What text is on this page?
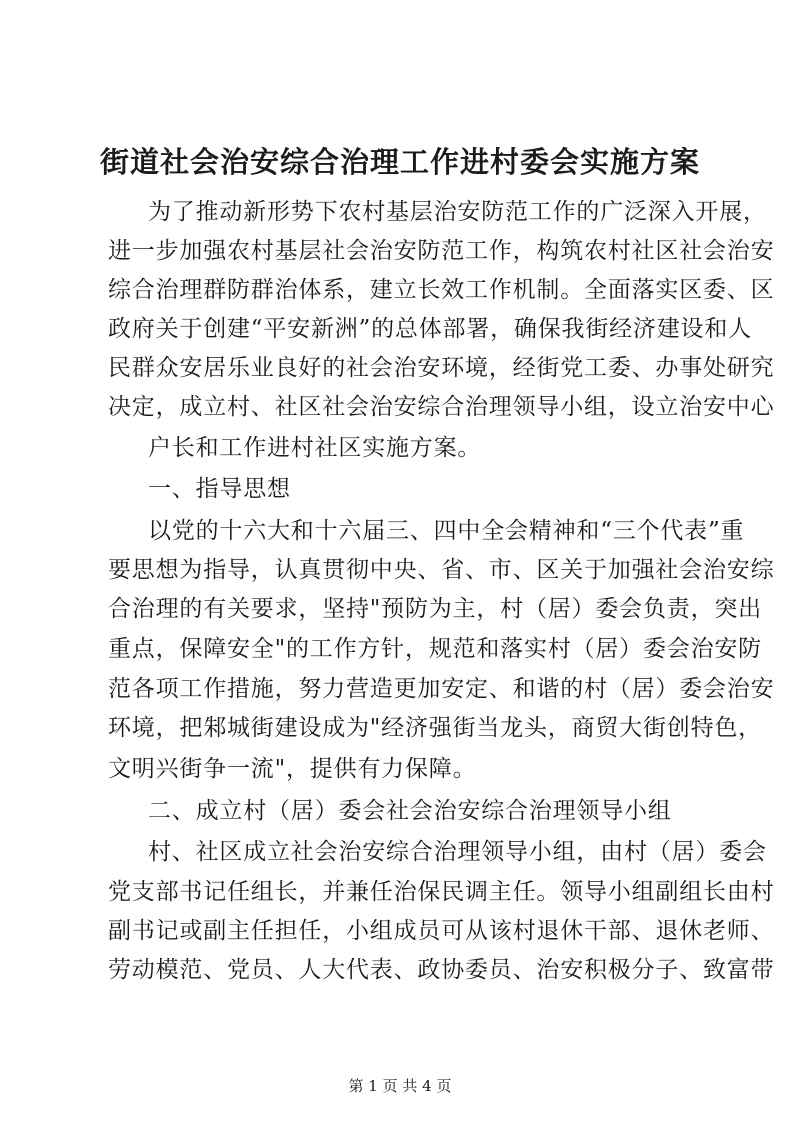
街道社会治安综合治理工作进村委会实施方案
为了推动新形势下农村基层治安防范工作的广泛深入开展，
进一步加强农村基层社会治安防范工作，构筑农村社区社会治安
综合治理群防群治体系，建立长效工作机制。全面落实区委、区
政府关于创建“平安新洲”的总体部署，确保我街经济建设和人
民群众安居乐业良好的社会治安环境，经街党工委、办事处研究
决定，成立村、社区社会治安综合治理领导小组，设立治安中心
户长和工作进村社区实施方案。
一、指导思想
以党的十六大和十六届三、四中全会精神和“三个代表”重
要思想为指导，认真贯彻中央、省、市、区关于加强社会治安综
合治理的有关要求，坚持"预防为主，村（居）委会负责，突出
重点，保障安全"的工作方针，规范和落实村（居）委会治安防
范各项工作措施，努力营造更加安定、和谐的村（居）委会治安
环境，把邾城街建设成为"经济强街当龙头，商贸大街创特色，
文明兴街争一流"，提供有力保障。
二、成立村（居）委会社会治安综合治理领导小组
村、社区成立社会治安综合治理领导小组，由村（居）委会
党支部书记任组长，并兼任治保民调主任。领导小组副组长由村
副书记或副主任担任，小组成员可从该村退休干部、退休老师、
劳动模范、党员、人大代表、政协委员、治安积极分子、致富带
第 1 页 共 4 页
